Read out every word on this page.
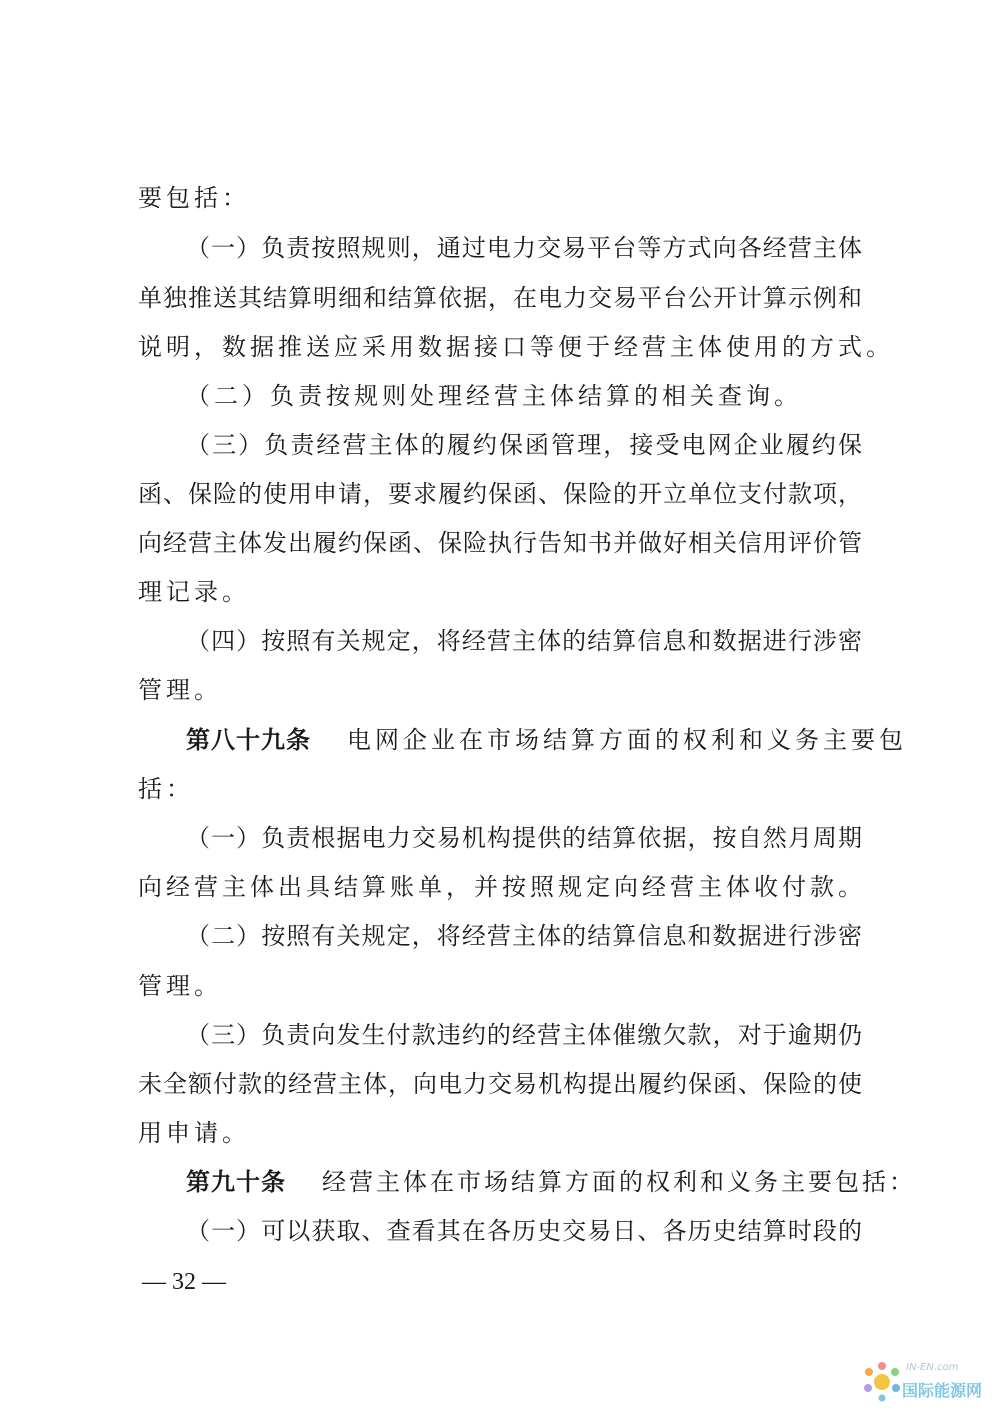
要包括：
（一）负责按照规则，通过电力交易平台等方式向各经营主体
单独推送其结算明细和结算依据，在电力交易平台公开计算示例和
说明，数据推送应采用数据接口等便于经营主体使用的方式。
（二）负责按规则处理经营主体结算的相关查询。
（三）负责经营主体的履约保函管理，接受电网企业履约保
函、保险的使用申请，要求履约保函、保险的开立单位支付款项，
向经营主体发出履约保函、保险执行告知书并做好相关信用评价管
理记录。
（四）按照有关规定，将经营主体的结算信息和数据进行涉密
管理。
第八十九条 电网企业在市场结算方面的权利和义务主要包
括：
（一）负责根据电力交易机构提供的结算依据，按自然月周期
向经营主体出具结算账单，并按照规定向经营主体收付款。
（二）按照有关规定，将经营主体的结算信息和数据进行涉密
管理。
（三）负责向发生付款违约的经营主体催缴欠款，对于逾期仍
未全额付款的经营主体，向电力交易机构提出履约保函、保险的使
用申请。
第九十条 经营主体在市场结算方面的权利和义务主要包括：
（一）可以获取、查看其在各历史交易日、各历史结算时段的
— 32 —
IN-EN.com
国际能源网
